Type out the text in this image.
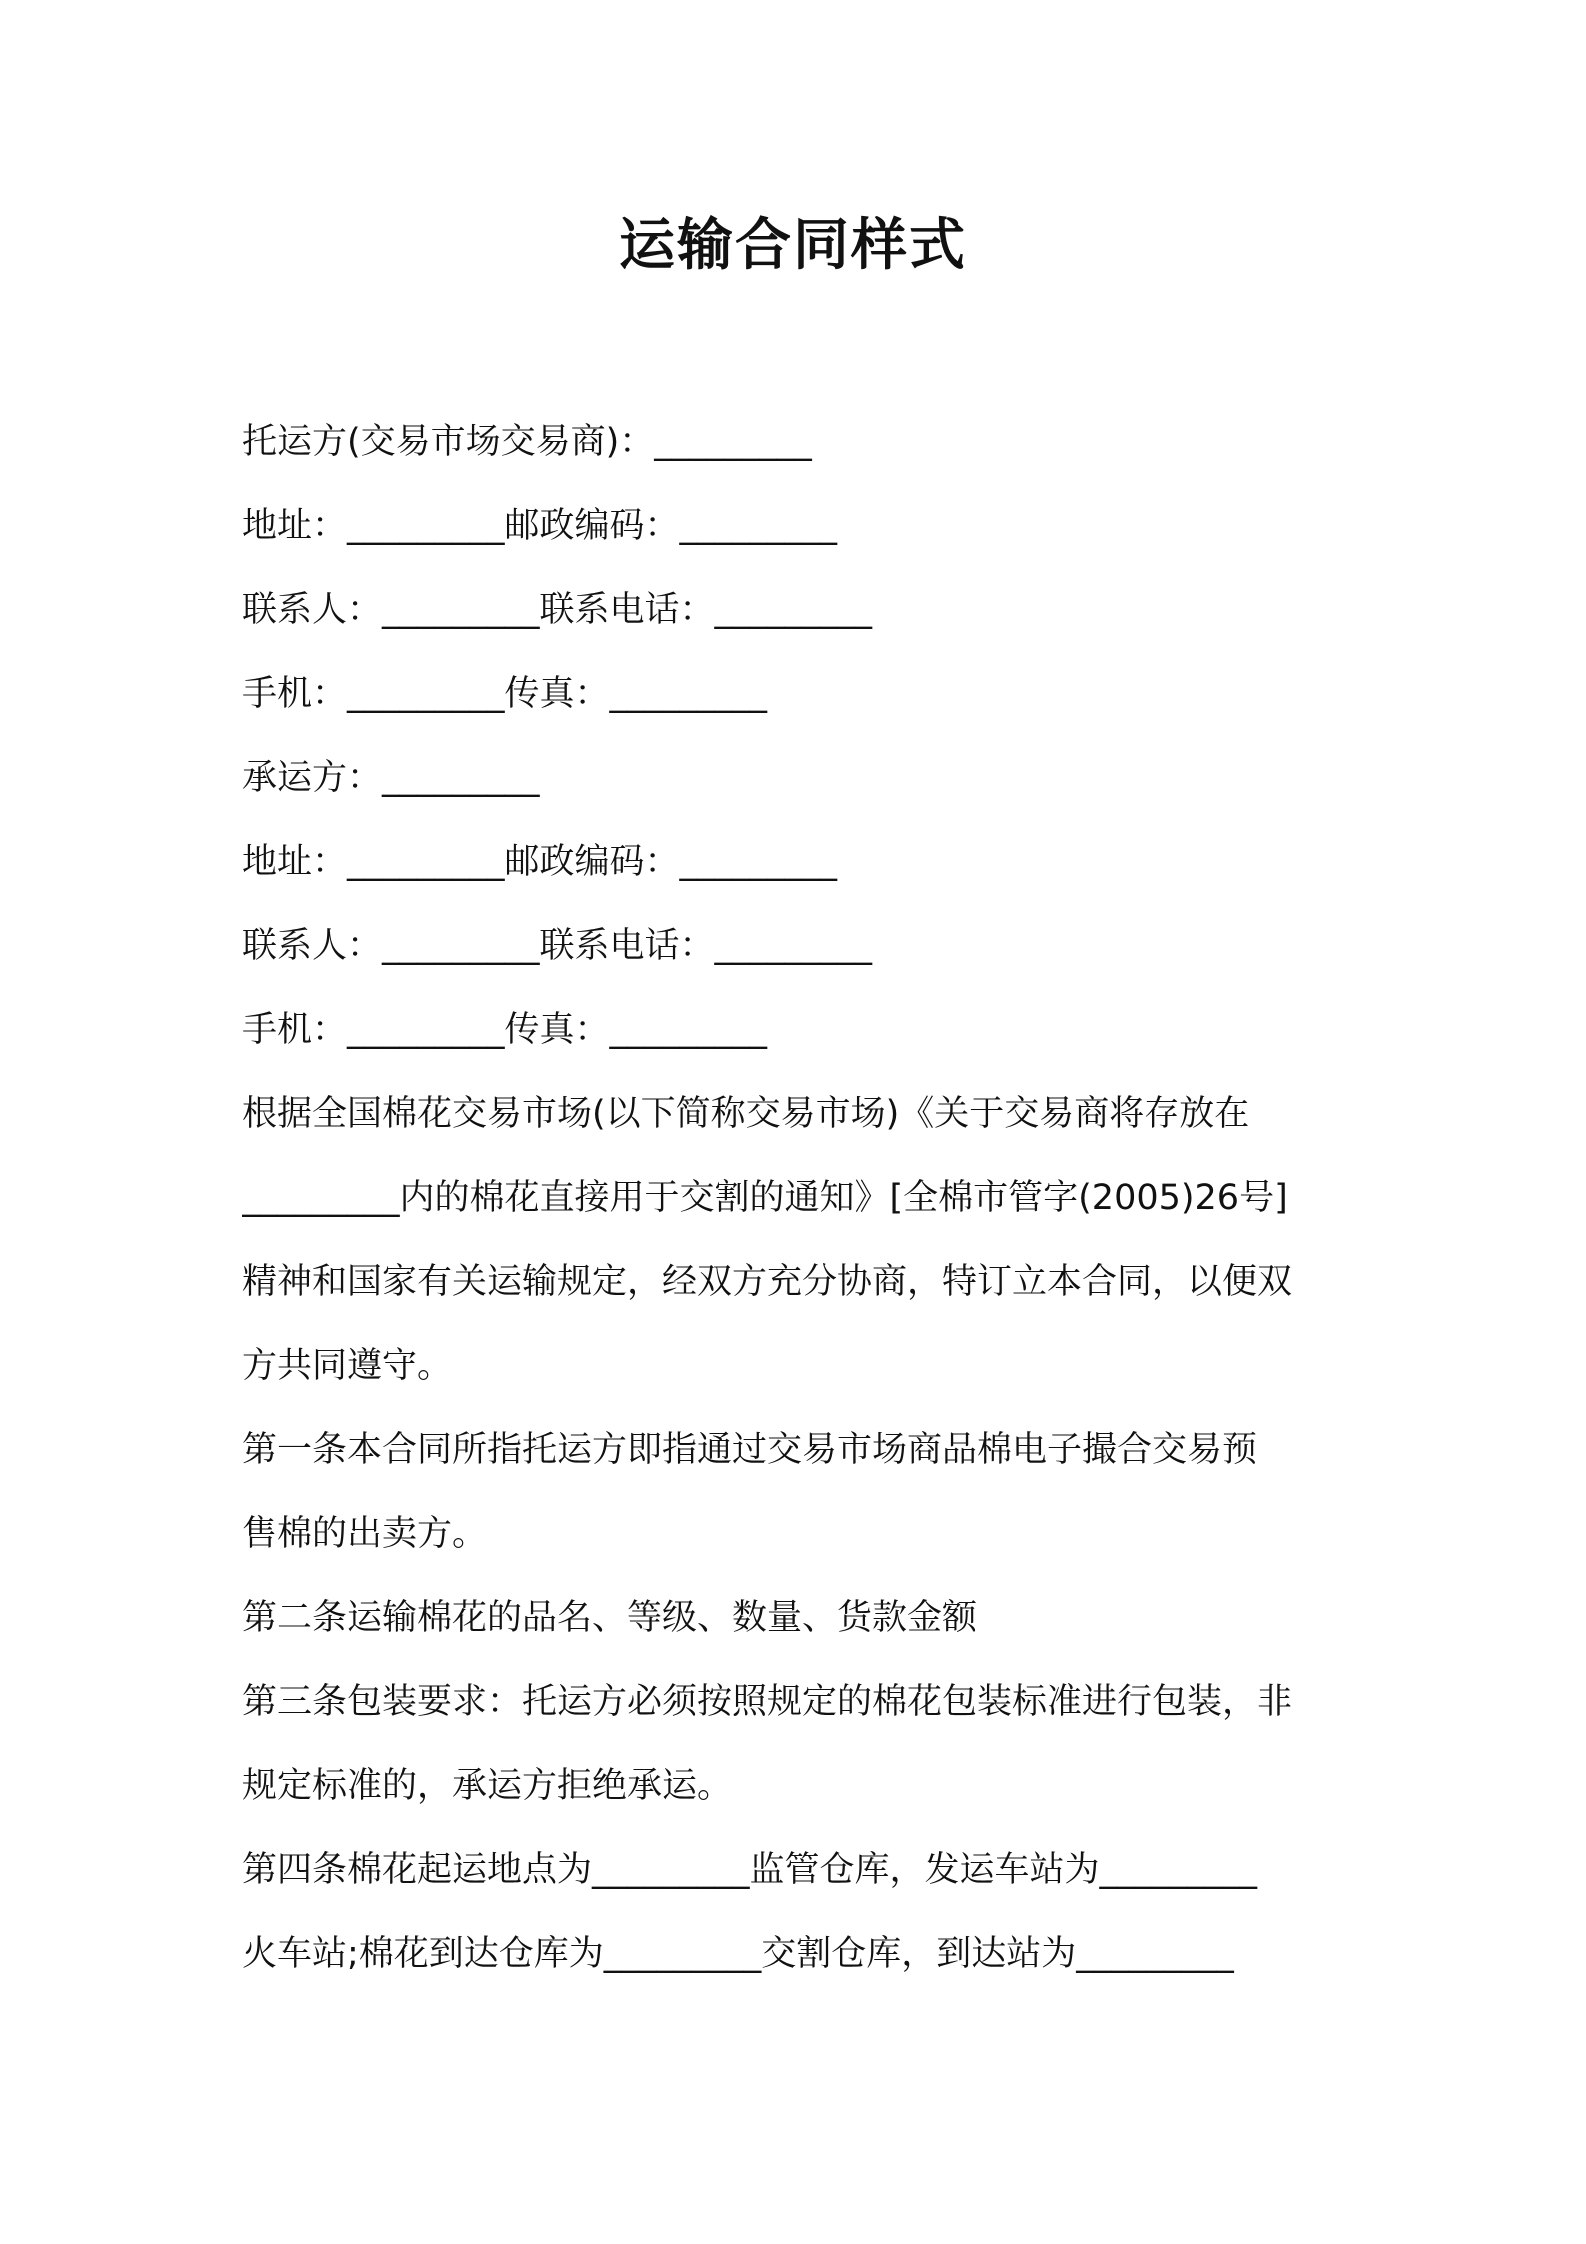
运输合同样式
托运方(交易市场交易商)：_________
地址：_________邮政编码：_________
联系人：_________联系电话：_________
手机：_________传真：_________
承运方：_________
地址：_________邮政编码：_________
联系人：_________联系电话：_________
手机：_________传真：_________
根据全国棉花交易市场(以下简称交易市场)《关于交易商将存放在
_________内的棉花直接用于交割的通知》[全棉市管字(2005)26号]
精神和国家有关运输规定，经双方充分协商，特订立本合同，以便双
方共同遵守。
第一条本合同所指托运方即指通过交易市场商品棉电子撮合交易预
售棉的出卖方。
第二条运输棉花的品名、等级、数量、货款金额
第三条包装要求：托运方必须按照规定的棉花包装标准进行包装，非
规定标准的，承运方拒绝承运。
第四条棉花起运地点为_________监管仓库，发运车站为_________
火车站;棉花到达仓库为_________交割仓库，到达站为_________
